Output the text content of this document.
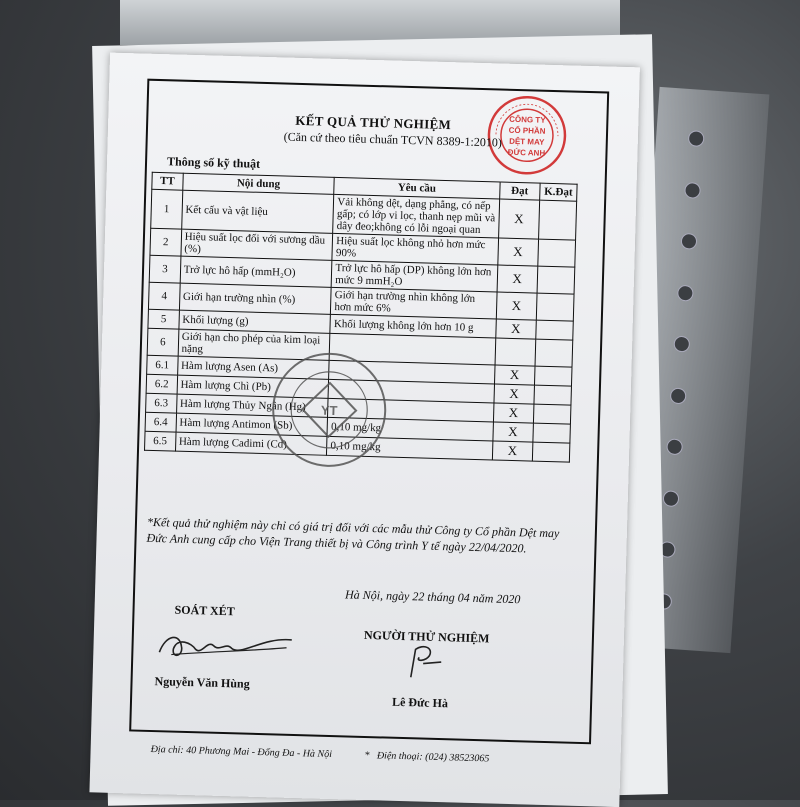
CÔNG TY
CỔ PHẦN
DỆT MAY
ĐỨC ANH
KẾT QUẢ THỬ NGHIỆM
(Căn cứ theo tiêu chuẩn TCVN 8389-1:2010)
Thông số kỹ thuật
TT	Nội dung	Yêu cầu	Đạt	K.Đạt
1	Kết cấu và vật liệu	Vải không dệt, dạng phẳng, có nếp gấp; có lớp vi lọc, thanh nẹp mũi và dây đeo;không có lỗi ngoại quan	X	
2	Hiệu suất lọc đối với sương dầu (%)	Hiệu suất lọc không nhỏ hơn mức 90%	X	
3	Trở lực hô hấp (mmH₂O)	Trở lực hô hấp (DP) không lớn hơn mức 9 mmH₂O	X	
4	Giới hạn trường nhìn (%)	Giới hạn trường nhìn không lớn hơn mức 6%	X	
5	Khối lượng (g)	Khối lượng không lớn hơn 10 g	X	
6	Giới hạn cho phép của kim loại nặng			
6.1	Hàm lượng Asen (As)		X	
6.2	Hàm lượng Chì (Pb)		X	
6.3	Hàm lượng Thủy Ngân (Hg)		X	
6.4	Hàm lượng Antimon (Sb)	0,10 mg/kg	X	
6.5	Hàm lượng Cadimi (Cd)	0,10 mg/kg	X	
YT
*Kết quả thử nghiệm này chỉ có giá trị đối với các mẫu thử Công ty Cổ phần Dệt may Đức Anh cung cấp cho Viện Trang thiết bị và Công trình Y tế ngày 22/04/2020.
Hà Nội, ngày 22 tháng 04 năm 2020
SOÁT XÉT
NGƯỜI THỬ NGHIỆM
Nguyễn Văn Hùng
Lê Đức Hà
Địa chỉ: 40 Phương Mai - Đống Đa - Hà Nội             *   Điện thoại: (024) 38523065
